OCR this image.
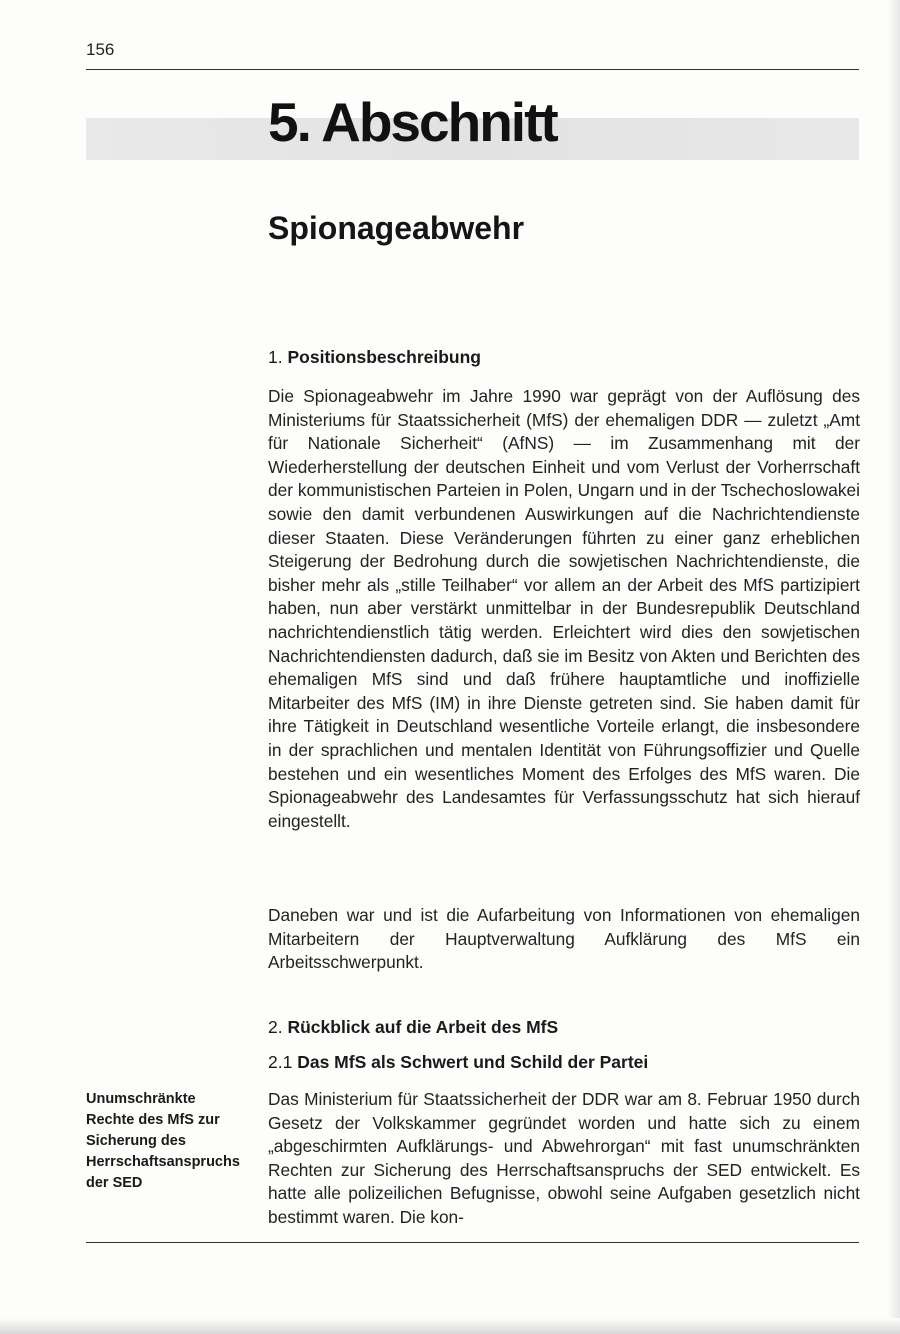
156
5. Abschnitt
Spionageabwehr
1. Positionsbeschreibung
Die Spionageabwehr im Jahre 1990 war geprägt von der Auflösung des Ministeriums für Staatssicherheit (MfS) der ehemaligen DDR — zuletzt „Amt für Nationale Sicherheit“ (AfNS) — im Zusammenhang mit der Wiederherstellung der deutschen Einheit und vom Verlust der Vorherrschaft der kommunistischen Parteien in Polen, Ungarn und in der Tschechoslowakei sowie den damit verbundenen Auswirkungen auf die Nachrichtendienste dieser Staaten. Diese Veränderungen führten zu einer ganz erheblichen Steigerung der Bedrohung durch die sowjetischen Nachrichtendienste, die bisher mehr als „stille Teilhaber“ vor allem an der Arbeit des MfS partizipiert haben, nun aber verstärkt unmittelbar in der Bundesrepublik Deutschland nachrichtendienstlich tätig werden. Erleichtert wird dies den sowjetischen Nachrichtendiensten dadurch, daß sie im Besitz von Akten und Berichten des ehemaligen MfS sind und daß frühere hauptamtliche und inoffizielle Mitarbeiter des MfS (IM) in ihre Dienste getreten sind. Sie haben damit für ihre Tätigkeit in Deutschland wesentliche Vorteile erlangt, die insbesondere in der sprachlichen und mentalen Identität von Führungsoffizier und Quelle bestehen und ein wesentliches Moment des Erfolges des MfS waren. Die Spionageabwehr des Landesamtes für Verfassungsschutz hat sich hierauf eingestellt.
Daneben war und ist die Aufarbeitung von Informationen von ehemaligen Mitarbeitern der Hauptverwaltung Aufklärung des MfS ein Arbeitsschwerpunkt.
2. Rückblick auf die Arbeit des MfS
2.1 Das MfS als Schwert und Schild der Partei
Unumschränkte Rechte des MfS zur Sicherung des Herrschaftsanspruchs der SED
Das Ministerium für Staatssicherheit der DDR war am 8. Februar 1950 durch Gesetz der Volkskammer gegründet worden und hatte sich zu einem „abgeschirmten Aufklärungs- und Abwehrorgan“ mit fast unumschränkten Rechten zur Sicherung des Herrschaftsanspruchs der SED entwickelt. Es hatte alle polizeilichen Befugnisse, obwohl seine Aufgaben gesetzlich nicht bestimmt waren. Die kon-
